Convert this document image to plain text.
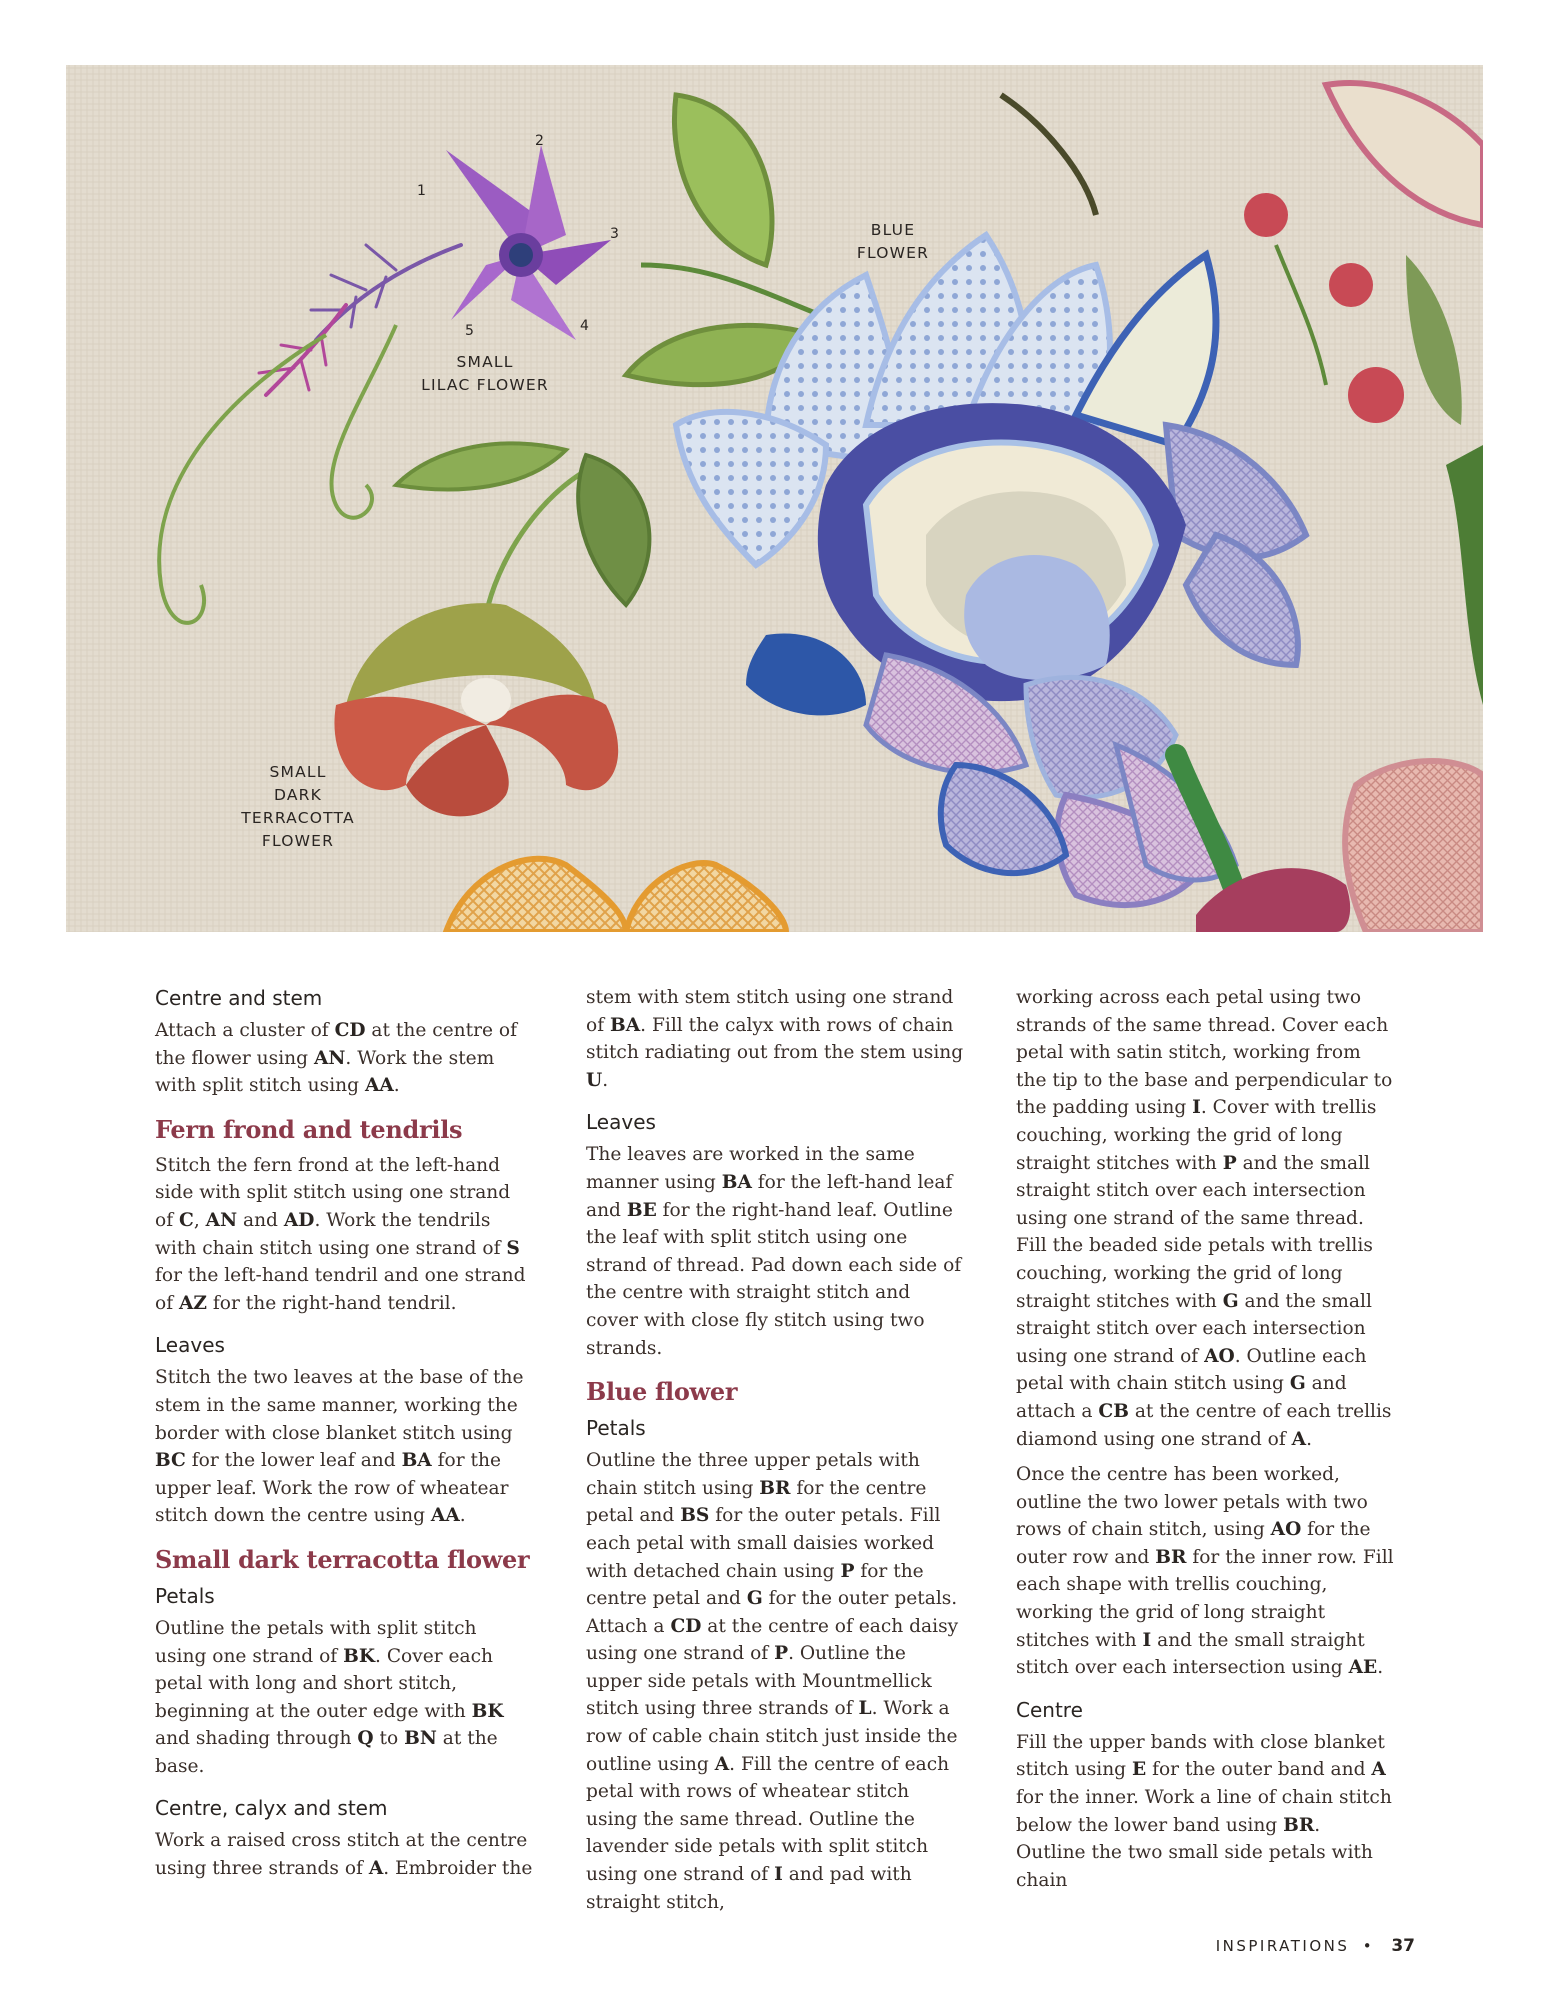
BLUE
FLOWER
SMALL
LILAC FLOWER
SMALL
DARK
TERRACOTTA
FLOWER
1
2
3
4
5
Centre and stem

Attach a cluster of CD at the centre of the flower using AN. Work the stem with split stitch using AA.

Fern frond and tendrils

Stitch the fern frond at the left-hand side with split stitch using one strand of C, AN and AD. Work the tendrils with chain stitch using one strand of S for the left-hand tendril and one strand of AZ for the right-hand tendril.

Leaves

Stitch the two leaves at the base of the stem in the same manner, working the border with close blanket stitch using BC for the lower leaf and BA for the upper leaf. Work the row of wheatear stitch down the centre using AA.

Small dark terracotta flower
Petals

Outline the petals with split stitch using one strand of BK. Cover each petal with long and short stitch, beginning at the outer edge with BK and shading through Q to BN at the base.

Centre, calyx and stem

Work a raised cross stitch at the centre using three strands of A. Embroider the

stem with stem stitch using one strand of BA. Fill the calyx with rows of chain stitch radiating out from the stem using U.

Leaves

The leaves are worked in the same manner using BA for the left-hand leaf and BE for the right-hand leaf. Outline the leaf with split stitch using one strand of thread. Pad down each side of the centre with straight stitch and cover with close fly stitch using two strands.

Blue flower
Petals

Outline the three upper petals with chain stitch using BR for the centre petal and BS for the outer petals. Fill each petal with small daisies worked with detached chain using P for the centre petal and G for the outer petals. Attach a CD at the centre of each daisy using one strand of P. Outline the upper side petals with Mountmellick stitch using three strands of L. Work a row of cable chain stitch just inside the outline using A. Fill the centre of each petal with rows of wheatear stitch using the same thread. Outline the lavender side petals with split stitch using one strand of I and pad with straight stitch,

working across each petal using two strands of the same thread. Cover each petal with satin stitch, working from the tip to the base and perpendicular to the padding using I. Cover with trellis couching, working the grid of long straight stitches with P and the small straight stitch over each intersection using one strand of the same thread. Fill the beaded side petals with trellis couching, working the grid of long straight stitches with G and the small straight stitch over each intersection using one strand of AO. Outline each petal with chain stitch using G and attach a CB at the centre of each trellis diamond using one strand of A.

Once the centre has been worked, outline the two lower petals with two rows of chain stitch, using AO for the outer row and BR for the inner row. Fill each shape with trellis couching, working the grid of long straight stitches with I and the small straight stitch over each intersection using AE.

Centre

Fill the upper bands with close blanket stitch using E for the outer band and A for the inner. Work a line of chain stitch below the lower band using BR. Outline the two small side petals with chain

INSPIRATIONS • 37
